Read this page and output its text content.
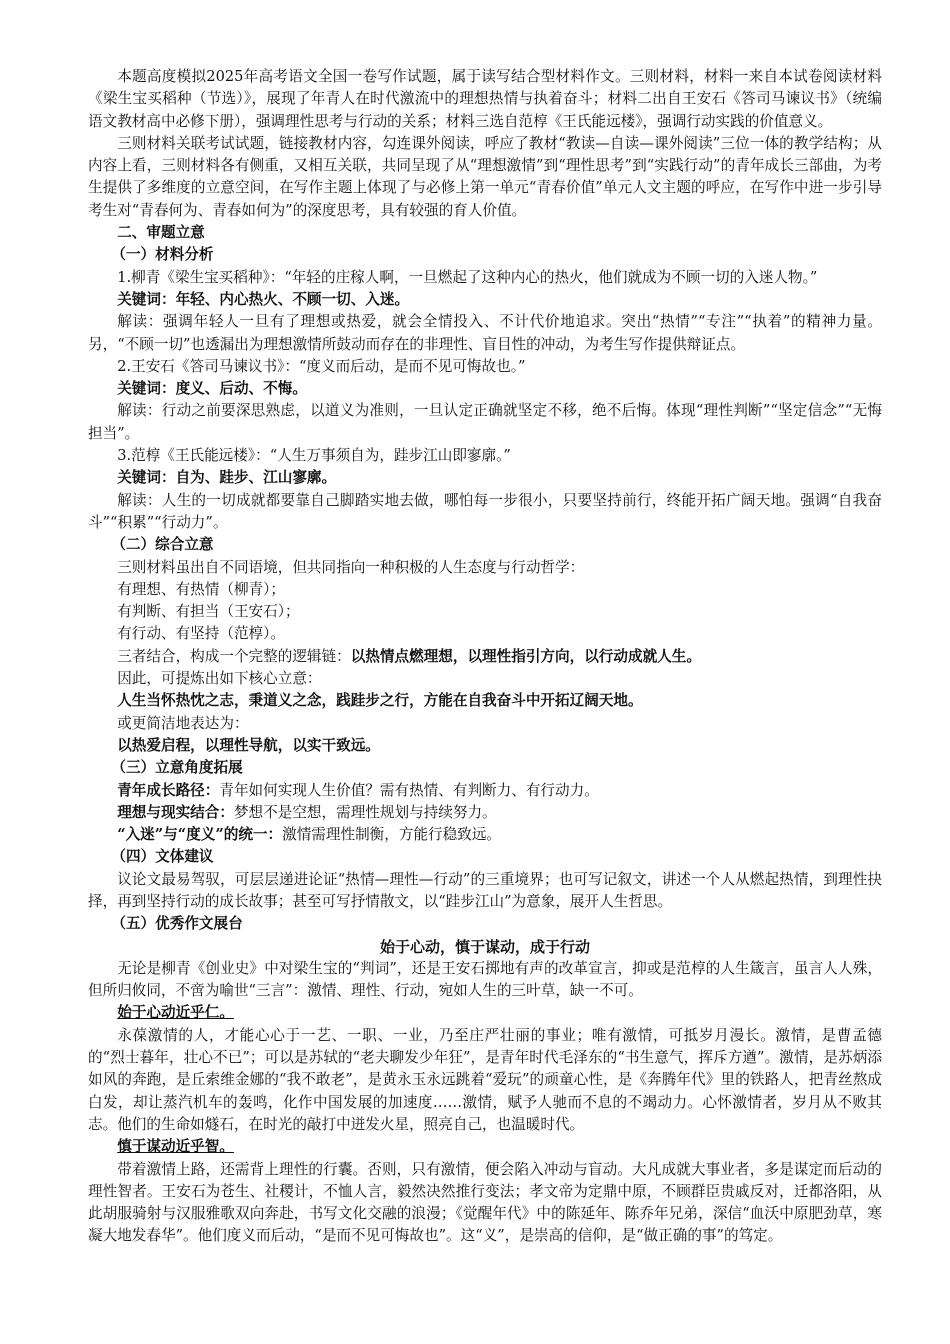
本题高度模拟2025年高考语文全国一卷写作试题，属于读写结合型材料作文。三则材料，材料一来自本试卷阅读材料《梁生宝买稻种（节选）》，展现了年青人在时代激流中的理想热情与执着奋斗；材料二出自王安石《答司马谏议书》（统编语文教材高中必修下册），强调理性思考与行动的关系；材料三选自范椁《王氏能远楼》，强调行动实践的价值意义。

三则材料关联考试试题，链接教材内容，勾连课外阅读，呼应了教材“教读—自读—课外阅读”三位一体的教学结构；从内容上看，三则材料各有侧重，又相互关联，共同呈现了从“理想激情”到“理性思考”到“实践行动”的青年成长三部曲，为考生提供了多维度的立意空间，在写作主题上体现了与必修上第一单元“青春价值”单元人文主题的呼应，在写作中进一步引导考生对“青春何为、青春如何为”的深度思考，具有较强的育人价值。

二、审题立意

（一）材料分析

1.柳青《梁生宝买稻种》：“年轻的庄稼人啊，一旦燃起了这种内心的热火，他们就成为不顾一切的入迷人物。”

关键词：年轻、内心热火、不顾一切、入迷。

解读：强调年轻人一旦有了理想或热爱，就会全情投入、不计代价地追求。突出“热情”“专注”“执着”的精神力量。另，“不顾一切”也透漏出为理想激情所鼓动而存在的非理性、盲目性的冲动，为考生写作提供辩证点。

2.王安石《答司马谏议书》：“度义而后动，是而不见可悔故也。”

关键词：度义、后动、不悔。

解读：行动之前要深思熟虑，以道义为准则，一旦认定正确就坚定不移，绝不后悔。体现“理性判断”“坚定信念”“无悔担当”。

3.范椁《王氏能远楼》：“人生万事须自为，跬步江山即寥廓。”

关键词：自为、跬步、江山寥廓。

解读：人生的一切成就都要靠自己脚踏实地去做，哪怕每一步很小，只要坚持前行，终能开拓广阔天地。强调“自我奋斗”“积累”“行动力”。

（二）综合立意

三则材料虽出自不同语境，但共同指向一种积极的人生态度与行动哲学：

有理想、有热情（柳青）；

有判断、有担当（王安石）；

有行动、有坚持（范椁）。

三者结合，构成一个完整的逻辑链：以热情点燃理想，以理性指引方向，以行动成就人生。

因此，可提炼出如下核心立意：

人生当怀热忱之志，秉道义之念，践跬步之行，方能在自我奋斗中开拓辽阔天地。

或更简洁地表达为：

以热爱启程，以理性导航，以实干致远。

（三）立意角度拓展

青年成长路径：青年如何实现人生价值？需有热情、有判断力、有行动力。

理想与现实结合：梦想不是空想，需理性规划与持续努力。

“入迷”与“度义”的统一：激情需理性制衡，方能行稳致远。

（四）文体建议

议论文最易驾驭，可层层递进论证“热情—理性—行动”的三重境界；也可写记叙文，讲述一个人从燃起热情，到理性抉择，再到坚持行动的成长故事；甚至可写抒情散文，以“跬步江山”为意象，展开人生哲思。

（五）优秀作文展台

始于心动，慎于谋动，成于行动

无论是柳青《创业史》中对梁生宝的“判词”，还是王安石掷地有声的改革宣言，抑或是范椁的人生箴言，虽言人人殊，但所归攸同，不啻为喻世“三言”：激情、理性、行动，宛如人生的三叶草，缺一不可。

始于心动近乎仁。

永葆激情的人，才能心心于一艺、一职、一业，乃至庄严壮丽的事业；唯有激情，可抵岁月漫长。激情，是曹孟德的“烈士暮年，壮心不已”；可以是苏轼的“老夫聊发少年狂”，是青年时代毛泽东的“书生意气，挥斥方遒”。激情，是苏炳添如风的奔跑，是丘索维金娜的“我不敢老”，是黄永玉永远跳着“爱玩”的顽童心性，是《奔腾年代》里的铁路人，把青丝熬成白发，却让蒸汽机车的轰鸣，化作中国发展的加速度……激情，赋予人驰而不息的不竭动力。心怀激情者，岁月从不败其志。他们的生命如燧石，在时光的敲打中迸发火星，照亮自己，也温暖时代。

慎于谋动近乎智。

带着激情上路，还需背上理性的行囊。否则，只有激情，便会陷入冲动与盲动。大凡成就大事业者，多是谋定而后动的理性智者。王安石为苍生、社稷计，不恤人言，毅然决然推行变法；孝文帝为定鼎中原，不顾群臣贵戚反对，迁都洛阳，从此胡服骑射与汉服雅歌双向奔赴，书写文化交融的浪漫；《觉醒年代》中的陈延年、陈乔年兄弟，深信“血沃中原肥劲草，寒凝大地发春华”。他们度义而后动，“是而不见可悔故也”。这“义”，是崇高的信仰，是“做正确的事”的笃定。
